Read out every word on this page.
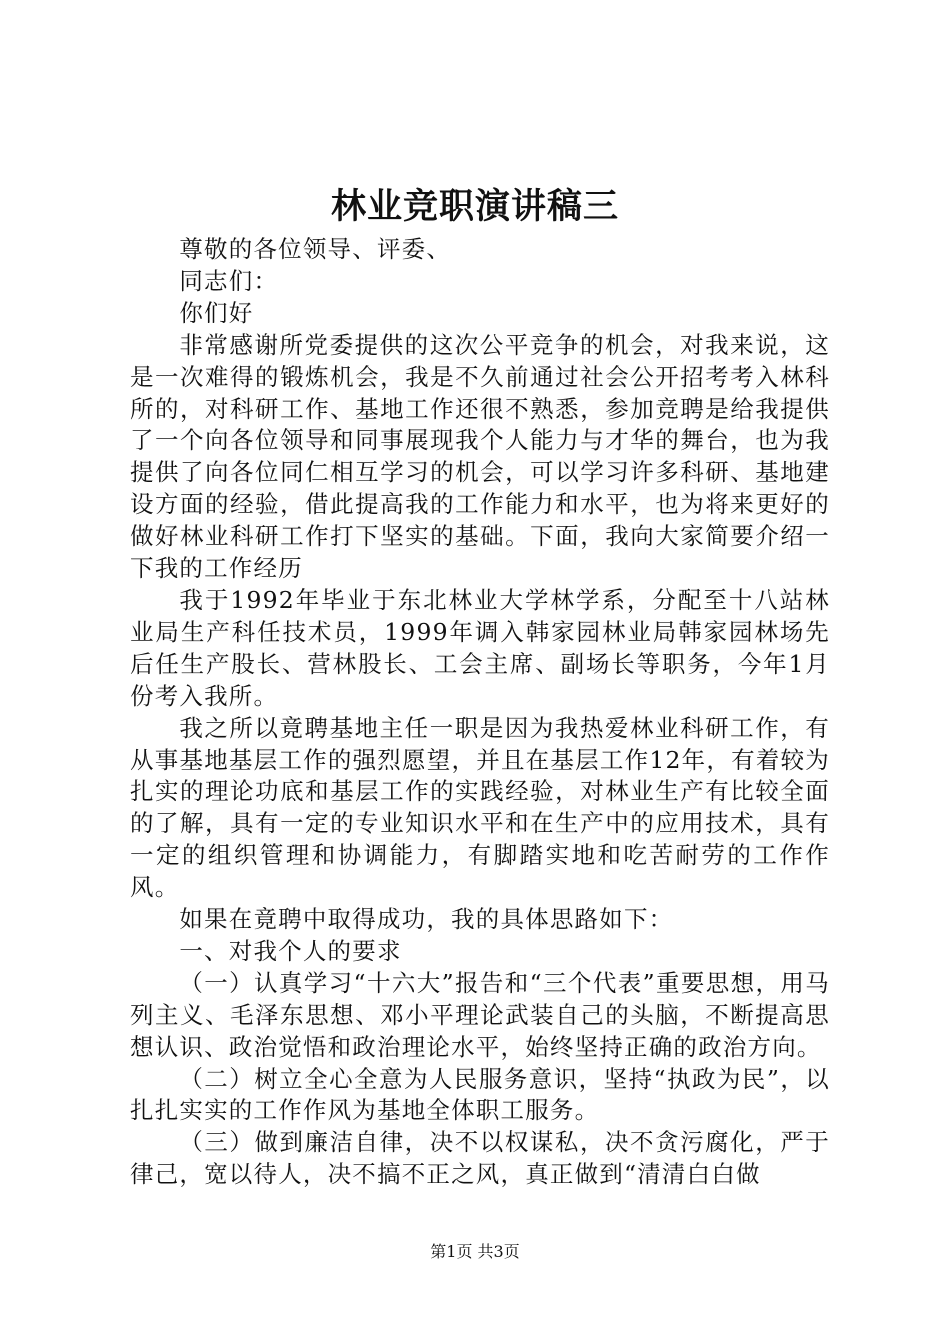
林业竞职演讲稿三

尊敬的各位领导、评委、

同志们：

你们好

非常感谢所党委提供的这次公平竞争的机会，对我来说，这是一次难得的锻炼机会，我是不久前通过社会公开招考考入林科所的，对科研工作、基地工作还很不熟悉，参加竞聘是给我提供了一个向各位领导和同事展现我个人能力与才华的舞台，也为我提供了向各位同仁相互学习的机会，可以学习许多科研、基地建设方面的经验，借此提高我的工作能力和水平，也为将来更好的做好林业科研工作打下坚实的基础。下面，我向大家简要介绍一下我的工作经历

我于1992年毕业于东北林业大学林学系，分配至十八站林业局生产科任技术员，1999年调入韩家园林业局韩家园林场先后任生产股长、营林股长、工会主席、副场长等职务，今年1月份考入我所。

我之所以竟聘基地主任一职是因为我热爱林业科研工作，有从事基地基层工作的强烈愿望，并且在基层工作12年，有着较为扎实的理论功底和基层工作的实践经验，对林业生产有比较全面的了解，具有一定的专业知识水平和在生产中的应用技术，具有一定的组织管理和协调能力，有脚踏实地和吃苦耐劳的工作作风。

如果在竟聘中取得成功，我的具体思路如下：

一、对我个人的要求

（一）认真学习“十六大”报告和“三个代表”重要思想，用马列主义、毛泽东思想、邓小平理论武装自己的头脑，不断提高思想认识、政治觉悟和政治理论水平，始终坚持正确的政治方向。

（二）树立全心全意为人民服务意识，坚持“执政为民”，以扎扎实实的工作作风为基地全体职工服务。

（三）做到廉洁自律，决不以权谋私，决不贪污腐化，严于律己，宽以待人，决不搞不正之风，真正做到“清清白白做

第1页 共3页
